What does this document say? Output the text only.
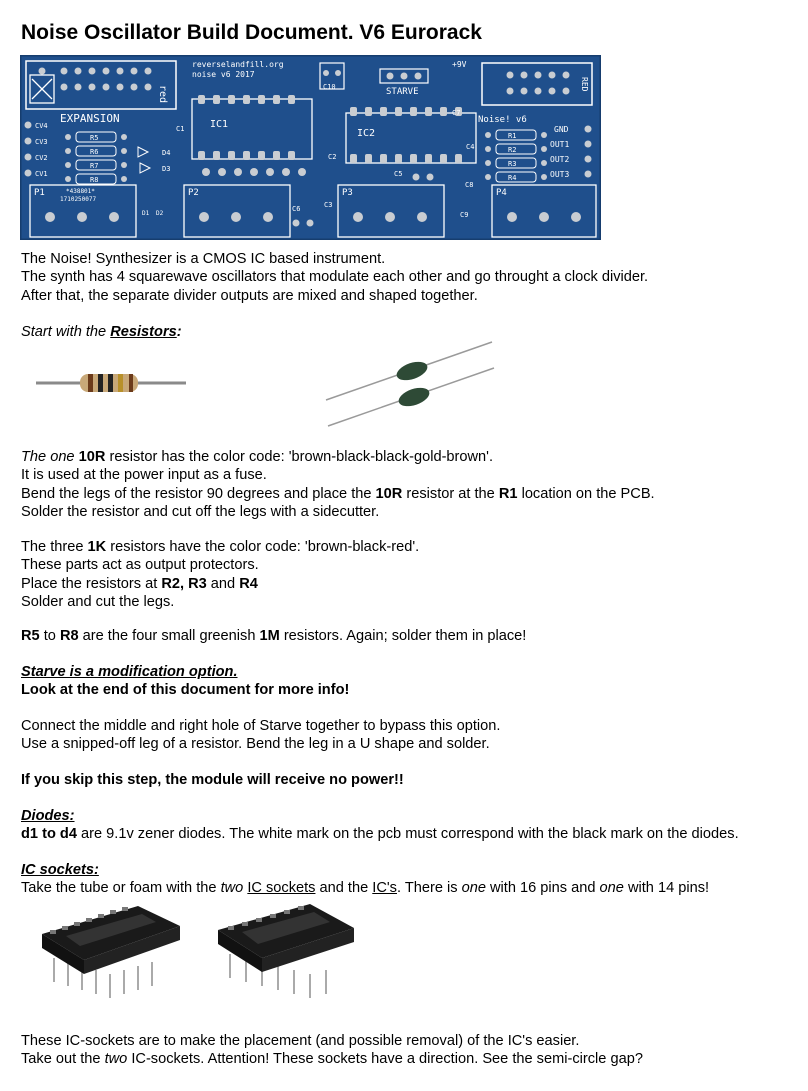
Noise Oscillator Build Document. V6 Eurorack
red
EXPANSION
reverselandfill.org
noise v6 2017
IC1
IC2
C10	STARVE
+9V
RED
Noise! v6
CV4
CV3
CV2
CV1
R5
R6
R7
R8
D4
D3
R1
R2
R3
R4
GND
OUT1
OUT2
OUT3
C1
C2
C4
C5
C7
C8
C9
C3
C6
P1	P2	P3	P4
*438801*
1710250077
D1 D2
The Noise! Synthesizer is a CMOS IC based instrument.
The synth has 4 squarewave oscillators that modulate each other and go throught a clock divider.
After that, the separate divider outputs are mixed and shaped together.
Start with the Resistors:
The one 10R resistor has the color code: 'brown-black-black-gold-brown'.
It is used at the power input as a fuse.
Bend the legs of the resistor 90 degrees and place the 10R resistor at the R1 location on the PCB.
Solder the resistor and cut off the legs with a sidecutter.
The three 1K resistors have the color code: 'brown-black-red'.
These parts act as output protectors.
Place the resistors at R2, R3 and R4
Solder and cut the legs.
R5 to R8 are the four small greenish 1M resistors. Again; solder them in place!
Starve is a modification option.
Look at the end of this document for more info!
Connect the middle and right hole of Starve together to bypass this option.
Use a snipped-off leg of a resistor. Bend the leg in a U shape and solder.
If you skip this step, the module will receive no power!!
Diodes:
d1 to d4 are 9.1v zener diodes. The white mark on the pcb must correspond with the black mark on the diodes.
IC sockets:
Take the tube or foam with the two IC sockets and the IC's. There is one with 16 pins and one with 14 pins!
These IC-sockets are to make the placement (and possible removal) of the IC's easier.
Take out the two IC-sockets. Attention! These sockets have a direction. See the semi-circle gap?
